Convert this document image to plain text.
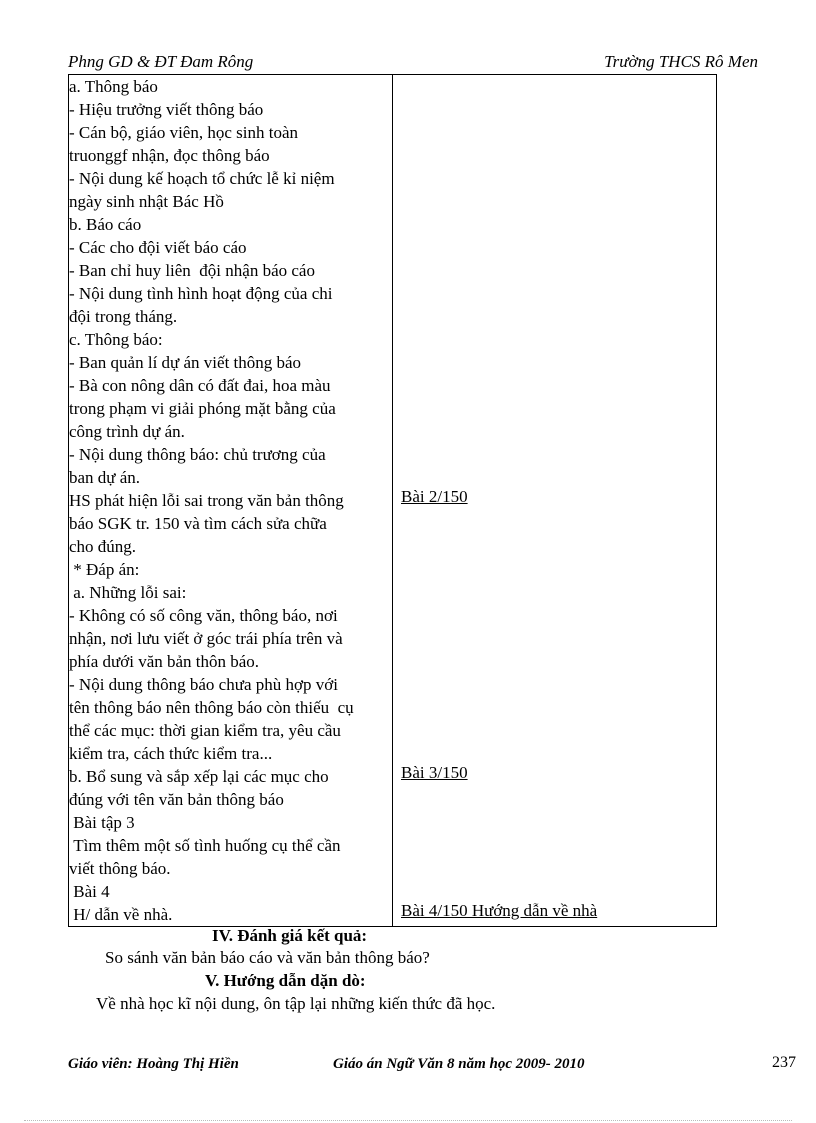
Phng GD & ĐT Đam Rông	Trường THCS Rô Men
a. Thông báo
- Hiệu trưởng viết thông báo
- Cán bộ, giáo viên, học sinh toàn
truonggf nhận, đọc thông báo
- Nội dung kế hoạch tổ chức lễ kỉ niệm
ngày sinh nhật Bác Hồ
b. Báo cáo
- Các cho đội viết báo cáo
- Ban chỉ huy liên  đội nhận báo cáo
- Nội dung tình hình hoạt động của chi
đội trong tháng.
c. Thông báo:
- Ban quản lí dự án viết thông báo
- Bà con nông dân có đất đai, hoa màu
trong phạm vi giải phóng mặt bằng của
công trình dự án.
- Nội dung thông báo: chủ trương của
ban dự án.
HS phát hiện lỗi sai trong văn bản thông
báo SGK tr. 150 và tìm cách sửa chữa
cho đúng.
* Đáp án:
a. Những lỗi sai:
- Không có số công văn, thông báo, nơi
nhận, nơi lưu viết ở góc trái phía trên và
phía dưới văn bản thôn báo.
- Nội dung thông báo chưa phù hợp với
tên thông báo nên thông báo còn thiếu  cụ
thể các mục: thời gian kiểm tra, yêu cầu
kiểm tra, cách thức kiểm tra...
b. Bổ sung và sắp xếp lại các mục cho
đúng với tên văn bản thông báo
Bài tập 3
Tìm thêm một số tình huống cụ thể cần
viết thông báo.
Bài 4
H/ dẫn về nhà.

Bài 2/150
Bài 3/150
Bài 4/150 Hướng dẫn về nhà
IV. Đánh giá kết quả:
So sánh văn bản báo cáo và văn bản thông báo?
V. Hướng dẫn dặn dò:
Về nhà học kĩ nội dung, ôn tập lại những kiến thức đã học.
Giáo viên: Hoàng Thị Hiền	Giáo án Ngữ Văn 8 năm học 2009- 2010	237
